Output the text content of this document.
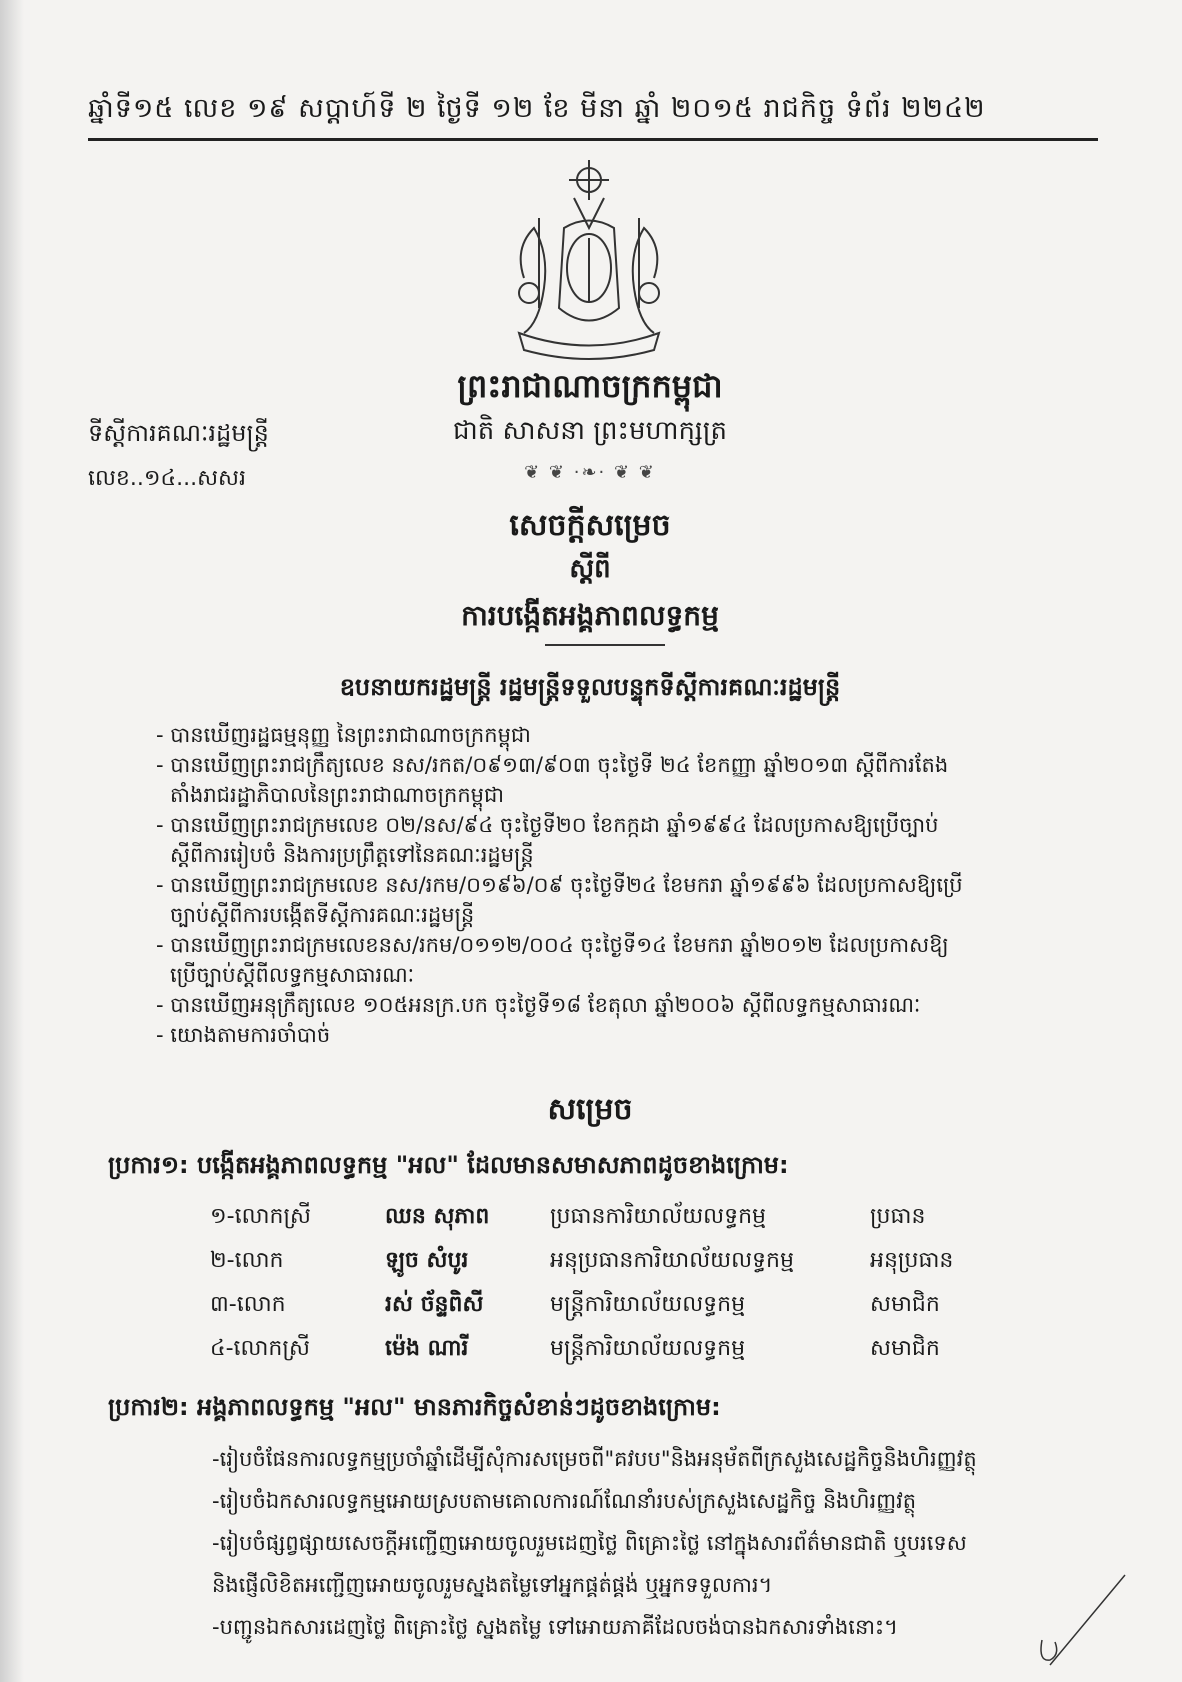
ឆ្នាំទី១៥ លេខ ១៩ សប្តាហ៍ទី ២ ថ្ងៃទី ១២ ខែ មីនា ឆ្នាំ ២០១៥ រាជកិច្ច ទំព័រ ២២៤២
ព្រះរាជាណាចក្រកម្ពុជា
ជាតិ សាសនា ព្រះមហាក្សត្រ
❦ ❦ ·❧· ❦ ❦
ទីស្តីការគណៈរដ្ឋមន្ត្រី
លេខ..១៤...សសរ
សេចក្តីសម្រេច
ស្តីពី
ការបង្កើតអង្គភាពលទ្ធកម្ម
ឧបនាយករដ្ឋមន្ត្រី រដ្ឋមន្ត្រីទទួលបន្ទុកទីស្តីការគណៈរដ្ឋមន្ត្រី
- បានឃើញរដ្ឋធម្មនុញ្ញ នៃព្រះរាជាណាចក្រកម្ពុជា
- បានឃើញព្រះរាជក្រឹត្យលេខ នស/រកត/០៩១៣/៩០៣ ចុះថ្ងៃទី ២៤ ខែកញ្ញា ឆ្នាំ២០១៣ ស្តីពីការតែង
តាំងរាជរដ្ឋាភិបាលនៃព្រះរាជាណាចក្រកម្ពុជា
- បានឃើញព្រះរាជក្រមលេខ ០២/នស/៩៤ ចុះថ្ងៃទី២០ ខែកក្កដា ឆ្នាំ១៩៩៤ ដែលប្រកាសឱ្យប្រើច្បាប់
ស្តីពីការរៀបចំ និងការប្រព្រឹត្តទៅនៃគណៈរដ្ឋមន្ត្រី
- បានឃើញព្រះរាជក្រមលេខ នស/រកម/០១៩៦/០៩ ចុះថ្ងៃទី២៤ ខែមករា ឆ្នាំ១៩៩៦ ដែលប្រកាសឱ្យប្រើ
ច្បាប់ស្តីពីការបង្កើតទីស្តីការគណៈរដ្ឋមន្ត្រី
- បានឃើញព្រះរាជក្រមលេខនស/រកម/០១១២/០០៤ ចុះថ្ងៃទី១៤ ខែមករា ឆ្នាំ២០១២ ដែលប្រកាសឱ្យ
ប្រើច្បាប់ស្តីពីលទ្ធកម្មសាធារណៈ
- បានឃើញអនុក្រឹត្យលេខ ១០៥អនក្រ.បក ចុះថ្ងៃទី១៨ ខែតុលា ឆ្នាំ២០០៦ ស្តីពីលទ្ធកម្មសាធារណៈ
- យោងតាមការចាំបាច់
សម្រេច
ប្រការ១: បង្កើតអង្គភាពលទ្ធកម្ម "អល" ដែលមានសមាសភាពដូចខាងក្រោម:
១-លោកស្រី	ឈន សុភាព	ប្រធានការិយាល័យលទ្ធកម្ម	ប្រធាន
២-លោក	ឡូច សំបូរ	អនុប្រធានការិយាល័យលទ្ធកម្ម	អនុប្រធាន
៣-លោក	រស់ ច័ន្ទពិសី	មន្ត្រីការិយាល័យលទ្ធកម្ម	សមាជិក
៤-លោកស្រី	ម៉េង ណារី	មន្ត្រីការិយាល័យលទ្ធកម្ម	សមាជិក
ប្រការ២: អង្គភាពលទ្ធកម្ម "អល" មានភារកិច្ចសំខាន់ៗដូចខាងក្រោម:
-រៀបចំផែនការលទ្ធកម្មប្រចាំឆ្នាំដើម្បីសុំការសម្រេចពី"គវបប"និងអនុម័តពីក្រសួងសេដ្ឋកិច្ចនិងហិរញ្ញវត្ថុ
-រៀបចំឯកសារលទ្ធកម្មអោយស្របតាមគោលការណ៍ណែនាំរបស់ក្រសួងសេដ្ឋកិច្ច និងហិរញ្ញវត្ថុ
-រៀបចំផ្សព្វផ្សាយសេចក្តីអញ្ជើញអោយចូលរួមដេញថ្លៃ ពិគ្រោះថ្លៃ នៅក្នុងសារព័ត៌មានជាតិ ឬបរទេស
និងផ្ញើលិខិតអញ្ជើញអោយចូលរួមស្នងតម្លៃទៅអ្នកផ្គត់ផ្គង់ ឬអ្នកទទួលការ។
-បញ្ជូនឯកសារដេញថ្លៃ ពិគ្រោះថ្លៃ ស្នងតម្លៃ ទៅអោយភាគីដែលចង់បានឯកសារទាំងនោះ។
